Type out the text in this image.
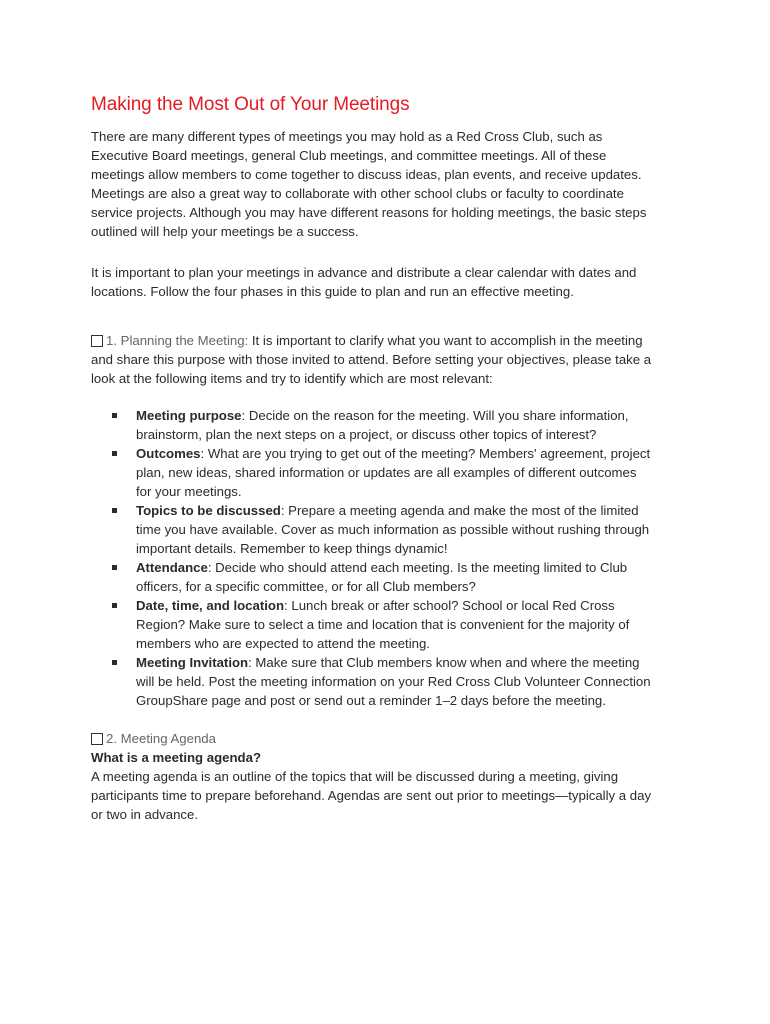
Making the Most Out of Your Meetings

There are many different types of meetings you may hold as a Red Cross Club, such as
Executive Board meetings, general Club meetings, and committee meetings. All of these
meetings allow members to come together to discuss ideas, plan events, and receive updates.
Meetings are also a great way to collaborate with other school clubs or faculty to coordinate
service projects. Although you may have different reasons for holding meetings, the basic steps
outlined will help your meetings be a success.

It is important to plan your meetings in advance and distribute a clear calendar with dates and
locations. Follow the four phases in this guide to plan and run an effective meeting.

1. Planning the Meeting: It is important to clarify what you want to accomplish in the meeting
and share this purpose with those invited to attend. Before setting your objectives, please take a
look at the following items and try to identify which are most relevant:

Meeting purpose: Decide on the reason for the meeting. Will you share information,
brainstorm, plan the next steps on a project, or discuss other topics of interest?
Outcomes: What are you trying to get out of the meeting? Members' agreement, project
plan, new ideas, shared information or updates are all examples of different outcomes
for your meetings.
Topics to be discussed: Prepare a meeting agenda and make the most of the limited
time you have available. Cover as much information as possible without rushing through
important details. Remember to keep things dynamic!
Attendance: Decide who should attend each meeting. Is the meeting limited to Club
officers, for a specific committee, or for all Club members?
Date, time, and location: Lunch break or after school? School or local Red Cross
Region? Make sure to select a time and location that is convenient for the majority of
members who are expected to attend the meeting.
Meeting Invitation: Make sure that Club members know when and where the meeting
will be held. Post the meeting information on your Red Cross Club Volunteer Connection
GroupShare page and post or send out a reminder 1–2 days before the meeting.

2. Meeting Agenda
What is a meeting agenda?
A meeting agenda is an outline of the topics that will be discussed during a meeting, giving
participants time to prepare beforehand. Agendas are sent out prior to meetings—typically a day
or two in advance.
